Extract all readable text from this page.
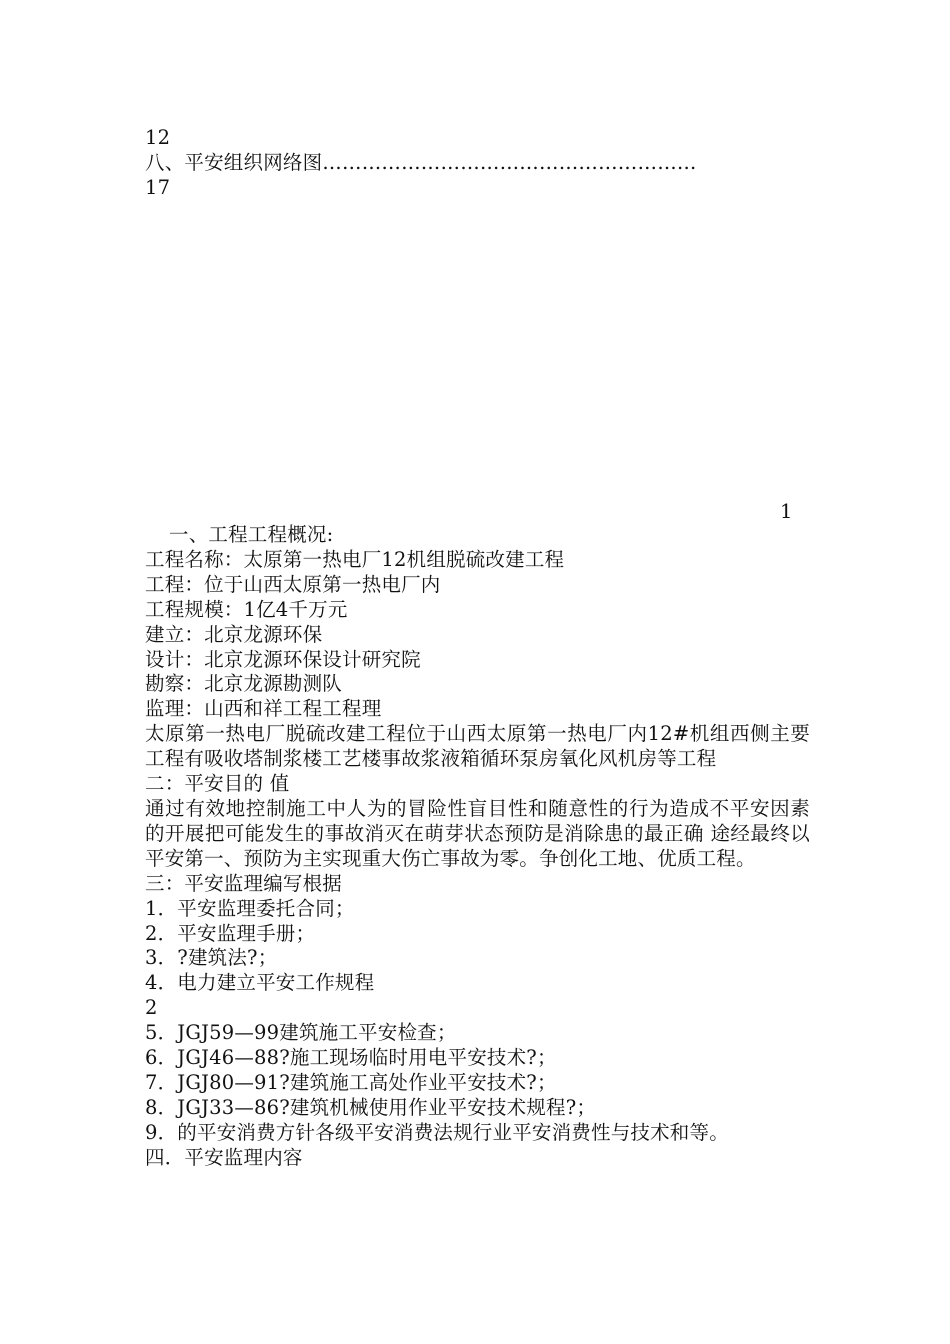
12
八、平安组织网络图…………………………………………………
17
1

一、工程工程概况:

工程名称：太原第一热电厂12机组脱硫改建工程

工程：位于山西太原第一热电厂内

工程规模：1亿4千万元

建立：北京龙源环保

设计：北京龙源环保设计研究院

勘察：北京龙源勘测队

监理：山西和祥工程工程理

太原第一热电厂脱硫改建工程位于山西太原第一热电厂内12#机组西侧主要工程有吸收塔制浆楼工艺楼事故浆液箱循环泵房氧化风机房等工程

二：平安目的 值

通过有效地控制施工中人为的冒险性盲目性和随意性的行为造成不平安因素的开展把可能发生的事故消灭在萌芽状态预防是消除患的最正确 途经最终以平安第一、预防为主实现重大伤亡事故为零。争创化工地、优质工程。

三：平安监理编写根据

1．平安监理委托合同；

2．平安监理手册；

3．?建筑法?；

4．电力建立平安工作规程

2

5．JGJ59—99建筑施工平安检查；

6．JGJ46—88?施工现场临时用电平安技术?；

7．JGJ80—91?建筑施工高处作业平安技术?；

8．JGJ33—86?建筑机械使用作业平安技术规程?；

9．的平安消费方针各级平安消费法规行业平安消费性与技术和等。

四．平安监理内容
